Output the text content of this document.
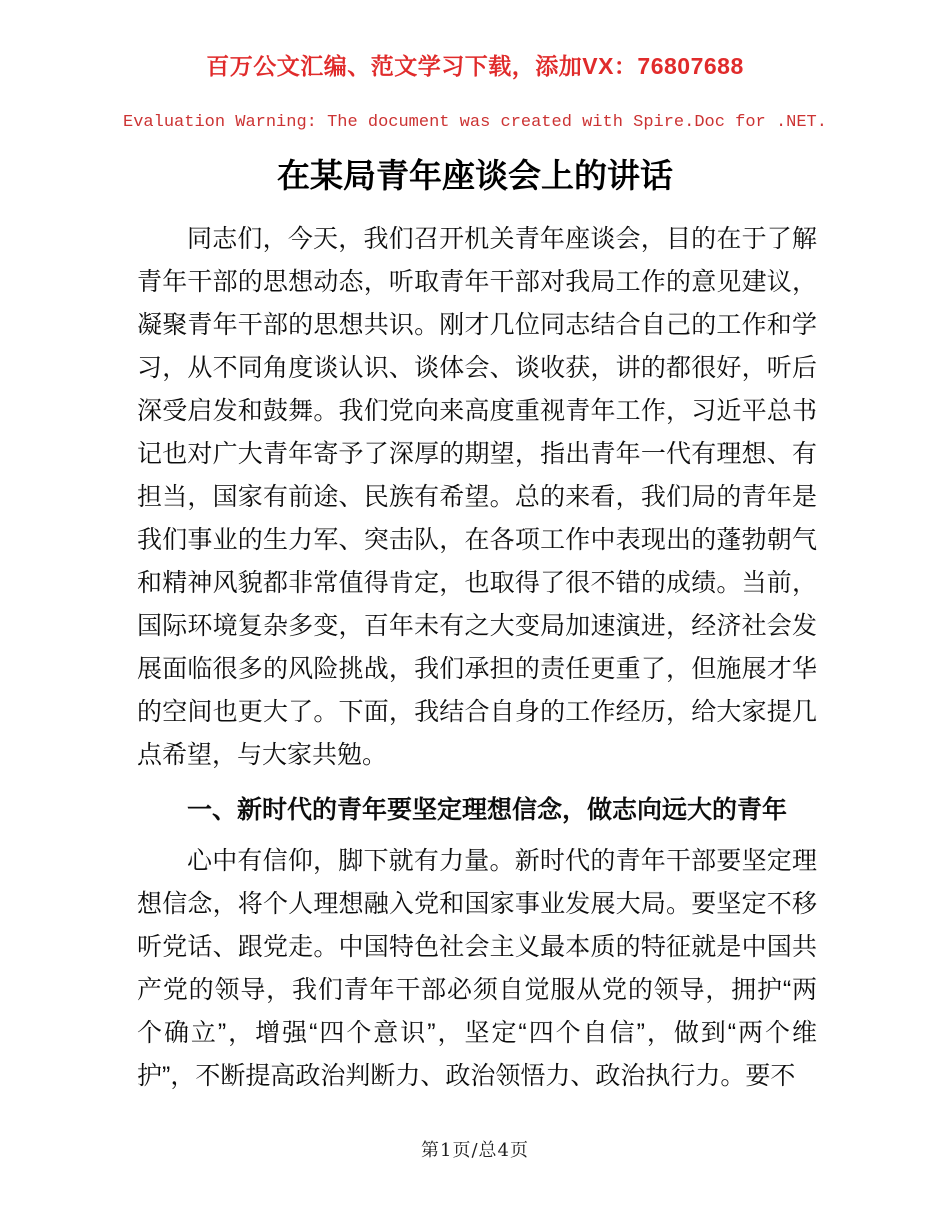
百万公文汇编、范文学习下载，添加VX：76807688
Evaluation Warning: The document was created with Spire.Doc for .NET.
在某局青年座谈会上的讲话

同志们，今天，我们召开机关青年座谈会，目的在于了解青年干部的思想动态，听取青年干部对我局工作的意见建议，凝聚青年干部的思想共识。刚才几位同志结合自己的工作和学习，从不同角度谈认识、谈体会、谈收获，讲的都很好，听后深受启发和鼓舞。我们党向来高度重视青年工作，习近平总书记也对广大青年寄予了深厚的期望，指出青年一代有理想、有担当，国家有前途、民族有希望。总的来看，我们局的青年是我们事业的生力军、突击队，在各项工作中表现出的蓬勃朝气和精神风貌都非常值得肯定，也取得了很不错的成绩。当前，国际环境复杂多变，百年未有之大变局加速演进，经济社会发展面临很多的风险挑战，我们承担的责任更重了，但施展才华的空间也更大了。下面，我结合自身的工作经历，给大家提几点希望，与大家共勉。

一、新时代的青年要坚定理想信念，做志向远大的青年

心中有信仰，脚下就有力量。新时代的青年干部要坚定理想信念，将个人理想融入党和国家事业发展大局。要坚定不移听党话、跟党走。中国特色社会主义最本质的特征就是中国共产党的领导，我们青年干部必须自觉服从党的领导，拥护“两个确立”，增强“四个意识”，坚定“四个自信”，做到“两个维护”，不断提高政治判断力、政治领悟力、政治执行力。要不

第1页/总4页
